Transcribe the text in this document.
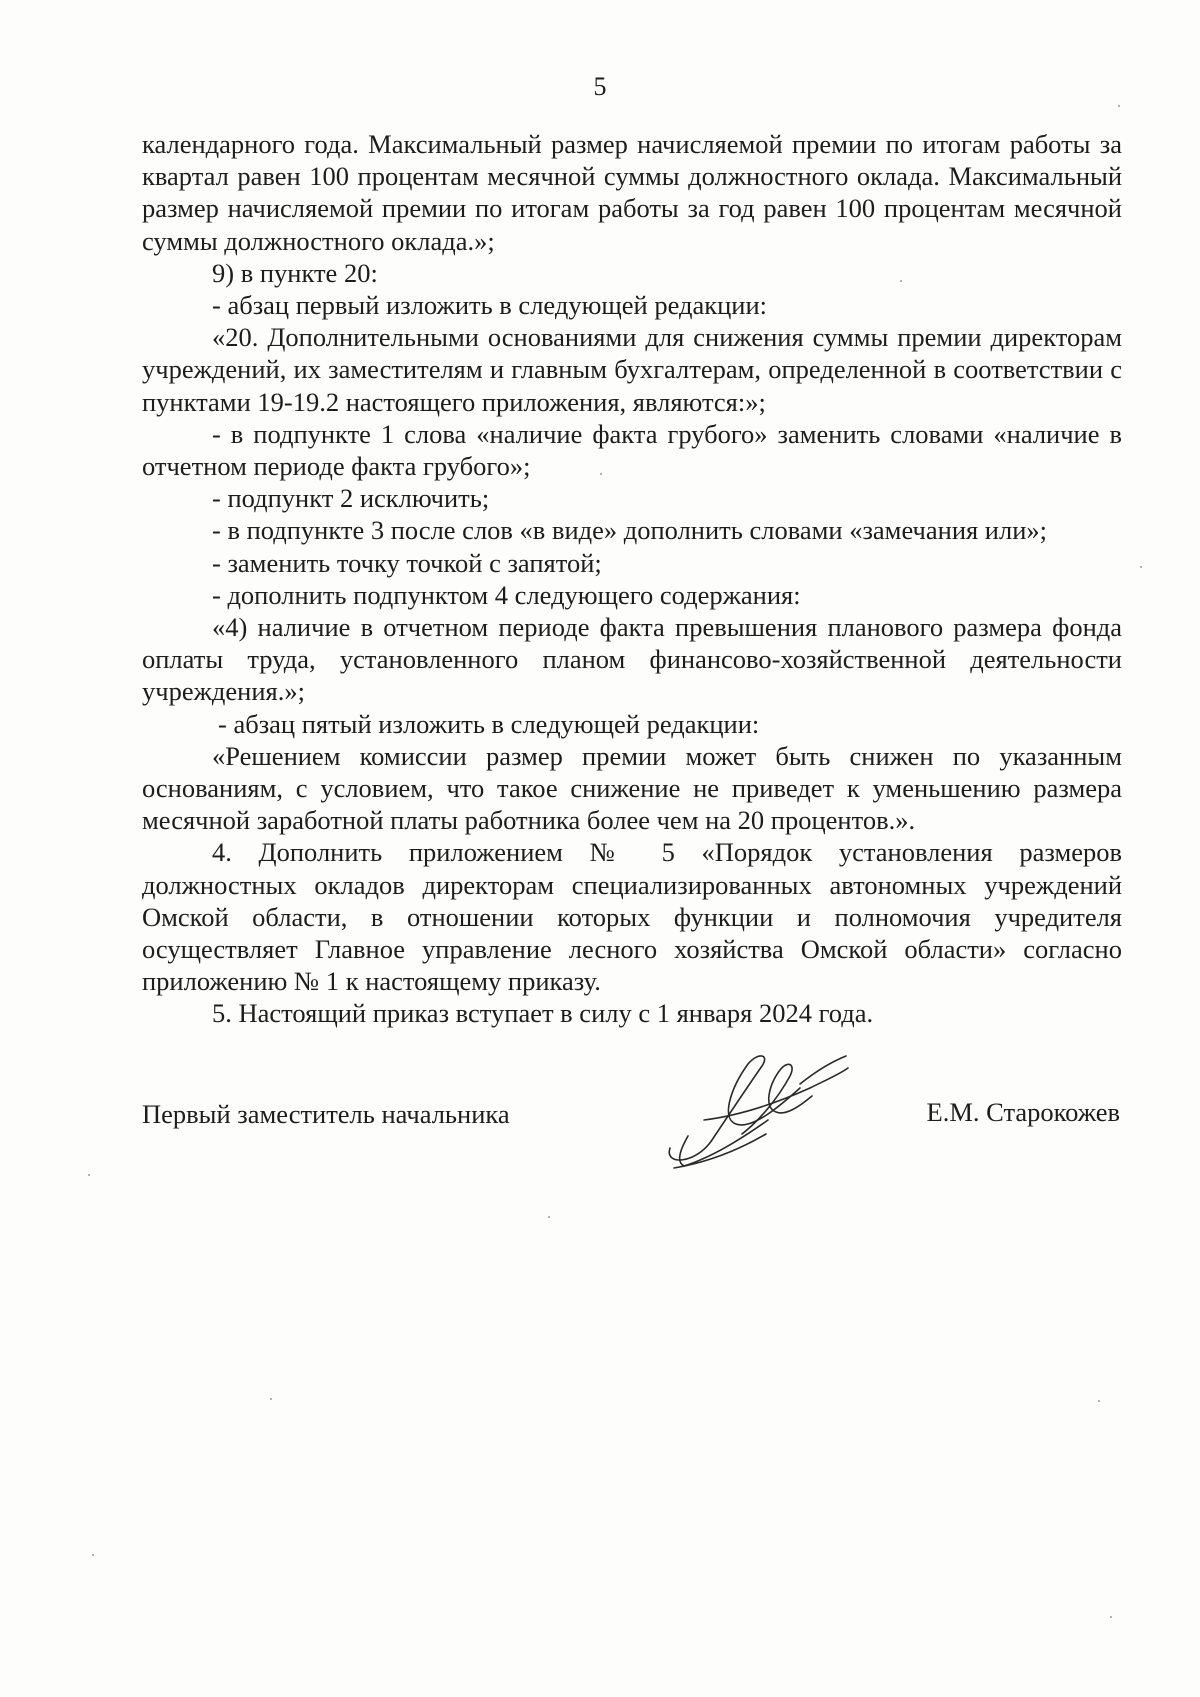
5

календарного года. Максимальный размер начисляемой премии по итогам работы за квартал равен 100 процентам месячной суммы должностного оклада. Максимальный размер начисляемой премии по итогам работы за год равен 100 процентам месячной суммы должностного оклада.»;

9) в пункте 20:

- абзац первый изложить в следующей редакции:

«20. Дополнительными основаниями для снижения суммы премии директорам учреждений, их заместителям и главным бухгалтерам, определенной в соответствии с пунктами 19-19.2 настоящего приложения, являются:»;

- в подпункте 1 слова «наличие факта грубого» заменить словами «наличие в отчетном периоде факта грубого»;

- подпункт 2 исключить;

- в подпункте 3 после слов «в виде» дополнить словами «замечания или»;

- заменить точку точкой с запятой;

- дополнить подпунктом 4 следующего содержания:

«4) наличие в отчетном периоде факта превышения планового размера фонда оплаты труда, установленного планом финансово-хозяйственной деятельности учреждения.»;

- абзац пятый изложить в следующей редакции:

«Решением комиссии размер премии может быть снижен по указанным основаниям, с условием, что такое снижение не приведет к уменьшению размера месячной заработной платы работника более чем на 20 процентов.».

4. Дополнить приложением № 5 «Порядок установления размеров должностных окладов директорам специализированных автономных учреждений Омской области, в отношении которых функции и полномочия учредителя осуществляет Главное управление лесного хозяйства Омской области» согласно приложению № 1 к настоящему приказу.

5. Настоящий приказ вступает в силу с 1 января 2024 года.

Первый заместитель начальника	Е.М. Старокожев
